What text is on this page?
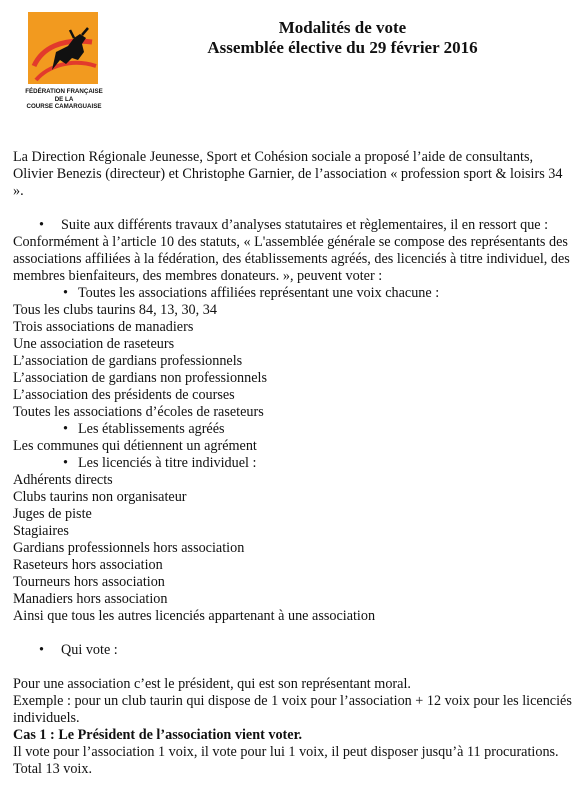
FÉDÉRATION FRANÇAISE
DE LA
COURSE CAMARGUAISE
Modalités de vote
Assemblée élective du 29 février 2016

La Direction Régionale Jeunesse, Sport et Cohésion sociale a proposé l’aide de consultants, Olivier Benezis (directeur) et Christophe Garnier, de l’association « profession sport & loisirs 34 ».

• Suite aux différents travaux d’analyses statutaires et règlementaires, il en ressort que :

Conformément à l’article 10 des statuts, « L'assemblée générale se compose des représentants des associations affiliées à la fédération, des établissements agréés, des licenciés à titre individuel, des membres bienfaiteurs, des membres donateurs. », peuvent voter :

• Toutes les associations affiliées représentant une voix chacune :

Tous les clubs taurins 84, 13, 30, 34

Trois associations de manadiers

Une association de raseteurs

L’association de gardians professionnels

L’association de gardians non professionnels

L’association des présidents de courses

Toutes les associations d’écoles de raseteurs

• Les établissements agréés

Les communes qui détiennent un agrément

• Les licenciés à titre individuel :

Adhérents directs

Clubs taurins non organisateur

Juges de piste

Stagiaires

Gardians professionnels hors association

Raseteurs hors association

Tourneurs hors association

Manadiers hors association

Ainsi que tous les autres licenciés appartenant à une association

• Qui vote :

Pour une association c’est le président, qui est son représentant moral.

Exemple : pour un club taurin qui dispose de 1 voix pour l’association + 12 voix pour les licenciés individuels.

Cas 1 : Le Président de l’association vient voter.

Il vote pour l’association 1 voix, il vote pour lui 1 voix, il peut disposer jusqu’à 11 procurations. Total 13 voix.
